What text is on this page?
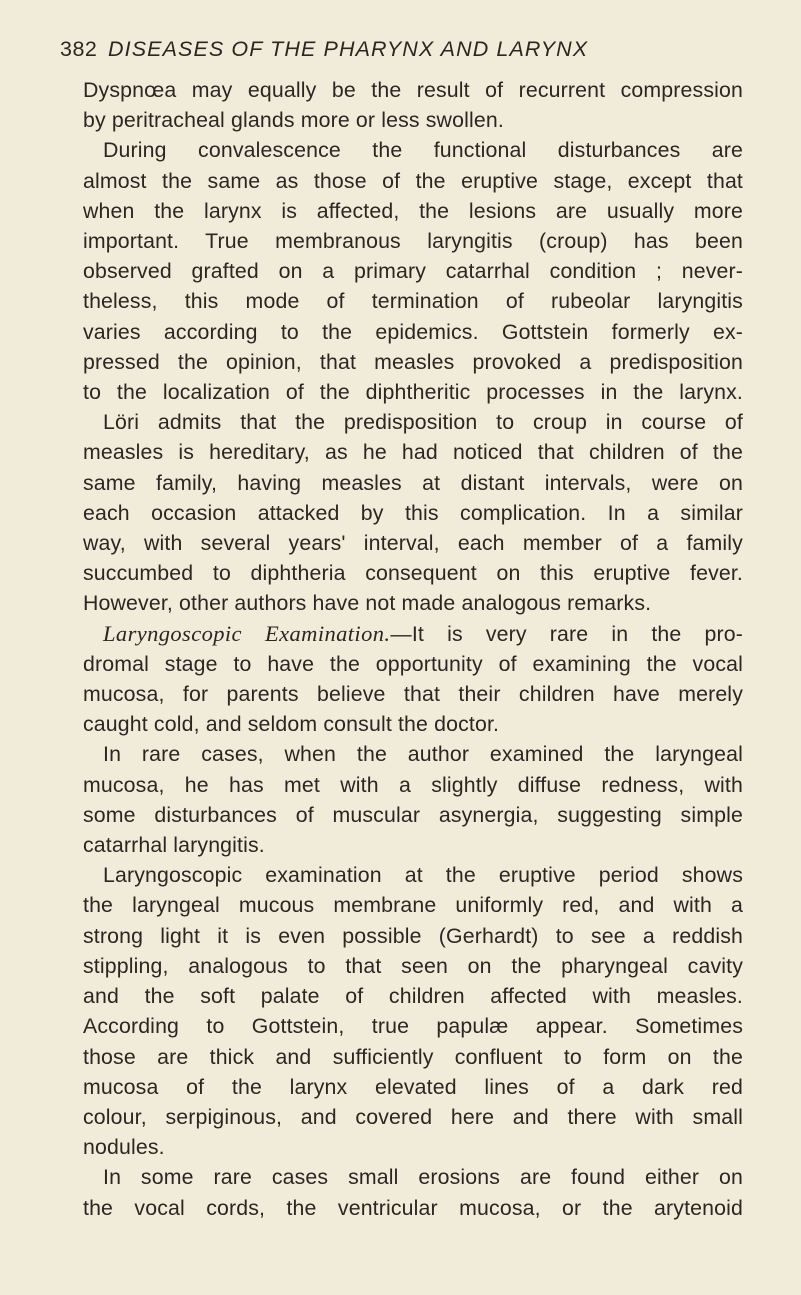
382 DISEASES OF THE PHARYNX AND LARYNX
Dyspnœa may equally be the result of recurrent compression
by peritracheal glands more or less swollen.
During convalescence the functional disturbances are
almost the same as those of the eruptive stage, except that
when the larynx is affected, the lesions are usually more
important. True membranous laryngitis (croup) has been
observed grafted on a primary catarrhal condition ; never-
theless, this mode of termination of rubeolar laryngitis
varies according to the epidemics. Gottstein formerly ex-
pressed the opinion, that measles provoked a predisposition
to the localization of the diphtheritic processes in the larynx.
Löri admits that the predisposition to croup in course of
measles is hereditary, as he had noticed that children of the
same family, having measles at distant intervals, were on
each occasion attacked by this complication. In a similar
way, with several years' interval, each member of a family
succumbed to diphtheria consequent on this eruptive fever.
However, other authors have not made analogous remarks.
Laryngoscopic Examination.—It is very rare in the pro-
dromal stage to have the opportunity of examining the vocal
mucosa, for parents believe that their children have merely
caught cold, and seldom consult the doctor.
In rare cases, when the author examined the laryngeal
mucosa, he has met with a slightly diffuse redness, with
some disturbances of muscular asynergia, suggesting simple
catarrhal laryngitis.
Laryngoscopic examination at the eruptive period shows
the laryngeal mucous membrane uniformly red, and with a
strong light it is even possible (Gerhardt) to see a reddish
stippling, analogous to that seen on the pharyngeal cavity
and the soft palate of children affected with measles.
According to Gottstein, true papulæ appear. Sometimes
those are thick and sufficiently confluent to form on the
mucosa of the larynx elevated lines of a dark red
colour, serpiginous, and covered here and there with small
nodules.
In some rare cases small erosions are found either on
the vocal cords, the ventricular mucosa, or the arytenoid
